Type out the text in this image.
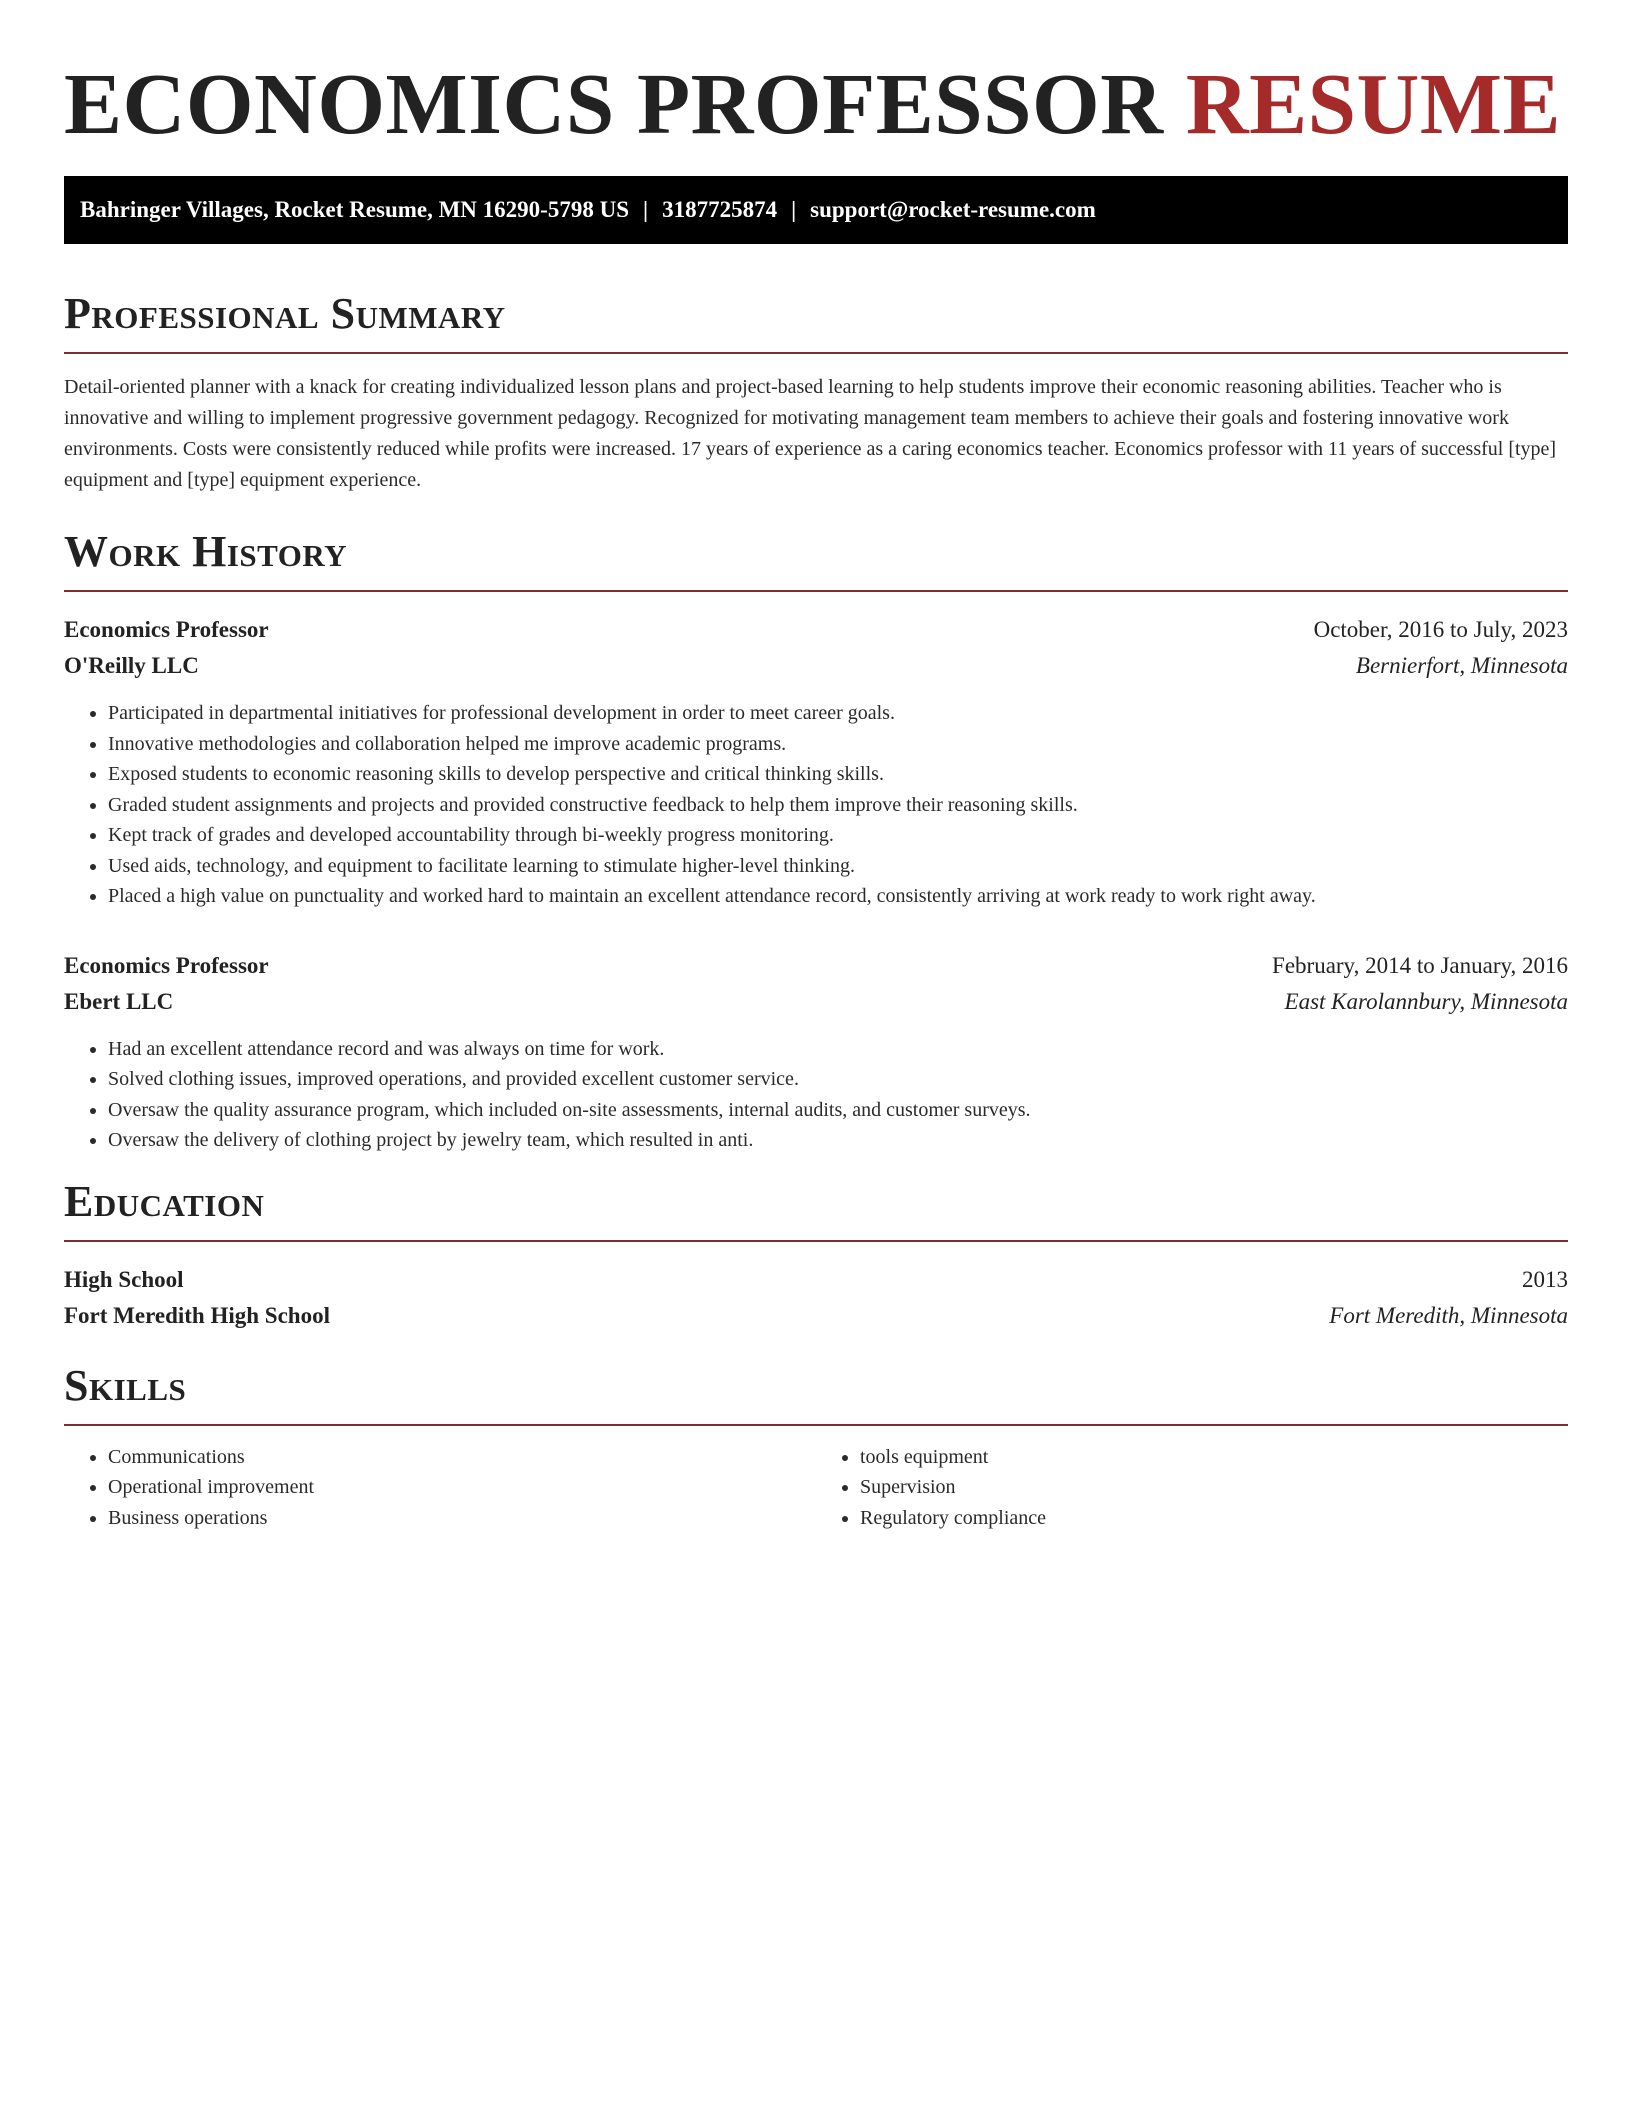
ECONOMICS PROFESSOR RESUME
Bahringer Villages, Rocket Resume, MN 16290-5798 US | 3187725874 | support@rocket-resume.com
Professional Summary

Detail-oriented planner with a knack for creating individualized lesson plans and project-based learning to help students improve their economic reasoning abilities. Teacher who is innovative and willing to implement progressive government pedagogy. Recognized for motivating management team members to achieve their goals and fostering innovative work environments. Costs were consistently reduced while profits were increased. 17 years of experience as a caring economics teacher. Economics professor with 11 years of successful [type] equipment and [type] equipment experience.

Work History
Economics Professor	October, 2016 to July, 2023
O'Reilly LLC	Bernierfort, Minnesota
• Participated in departmental initiatives for professional development in order to meet career goals.
• Innovative methodologies and collaboration helped me improve academic programs.
• Exposed students to economic reasoning skills to develop perspective and critical thinking skills.
• Graded student assignments and projects and provided constructive feedback to help them improve their reasoning skills.
• Kept track of grades and developed accountability through bi-weekly progress monitoring.
• Used aids, technology, and equipment to facilitate learning to stimulate higher-level thinking.
• Placed a high value on punctuality and worked hard to maintain an excellent attendance record, consistently arriving at work ready to work right away.
Economics Professor	February, 2014 to January, 2016
Ebert LLC	East Karolannbury, Minnesota
• Had an excellent attendance record and was always on time for work.
• Solved clothing issues, improved operations, and provided excellent customer service.
• Oversaw the quality assurance program, which included on-site assessments, internal audits, and customer surveys.
• Oversaw the delivery of clothing project by jewelry team, which resulted in anti.
Education
High School	2013
Fort Meredith High School	Fort Meredith, Minnesota
Skills
• Communications
• Operational improvement
• Business operations
• tools equipment
• Supervision
• Regulatory compliance
